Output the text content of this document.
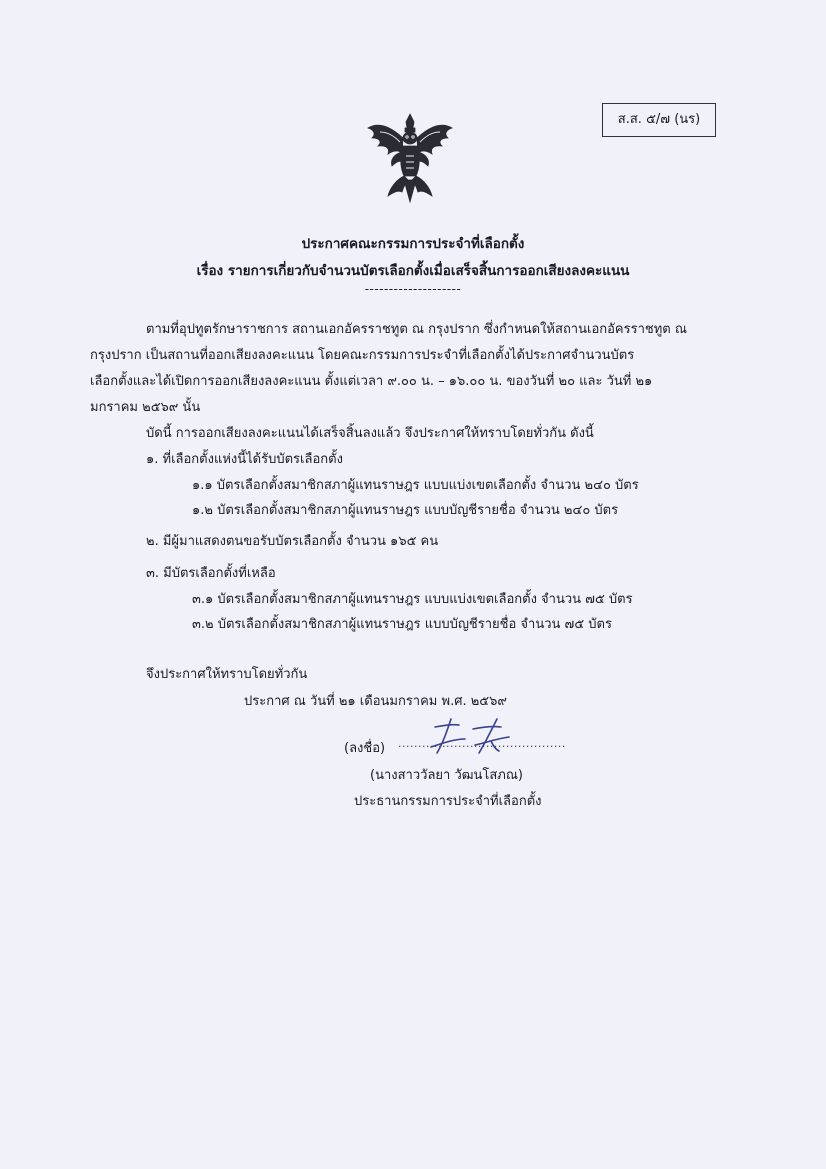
ส.ส. ๕/๗ (นร)
ประกาศคณะกรรมการประจำที่เลือกตั้ง
เรื่อง รายการเกี่ยวกับจำนวนบัตรเลือกตั้งเมื่อเสร็จสิ้นการออกเสียงลงคะแนน
--------------------
ตามที่อุปทูตรักษาราชการ สถานเอกอัครราชทูต ณ กรุงปราก ซึ่งกำหนดให้สถานเอกอัครราชทูต ณ
กรุงปราก เป็นสถานที่ออกเสียงลงคะแนน โดยคณะกรรมการประจำที่เลือกตั้งได้ประกาศจำนวนบัตร
เลือกตั้งและได้เปิดการออกเสียงลงคะแนน ตั้งแต่เวลา ๙.๐๐ น. – ๑๖.๐๐ น. ของวันที่ ๒๐ และ วันที่ ๒๑
มกราคม ๒๕๖๙ นั้น
บัดนี้ การออกเสียงลงคะแนนได้เสร็จสิ้นลงแล้ว จึงประกาศให้ทราบโดยทั่วกัน ดังนี้
๑. ที่เลือกตั้งแห่งนี้ได้รับบัตรเลือกตั้ง
๑.๑ บัตรเลือกตั้งสมาชิกสภาผู้แทนราษฎร แบบแบ่งเขตเลือกตั้ง จำนวน ๒๔๐ บัตร
๑.๒ บัตรเลือกตั้งสมาชิกสภาผู้แทนราษฎร แบบบัญชีรายชื่อ จำนวน ๒๔๐ บัตร
๒. มีผู้มาแสดงตนขอรับบัตรเลือกตั้ง จำนวน ๑๖๕ คน
๓. มีบัตรเลือกตั้งที่เหลือ
๓.๑ บัตรเลือกตั้งสมาชิกสภาผู้แทนราษฎร แบบแบ่งเขตเลือกตั้ง จำนวน ๗๕ บัตร
๓.๒ บัตรเลือกตั้งสมาชิกสภาผู้แทนราษฎร แบบบัญชีรายชื่อ จำนวน ๗๕ บัตร
จึงประกาศให้ทราบโดยทั่วกัน
ประกาศ ณ วันที่ ๒๑ เดือนมกราคม พ.ศ. ๒๕๖๙
(ลงชื่อ) ..........................................
(นางสาววัลยา วัฒนโสภณ)
ประธานกรรมการประจำที่เลือกตั้ง
